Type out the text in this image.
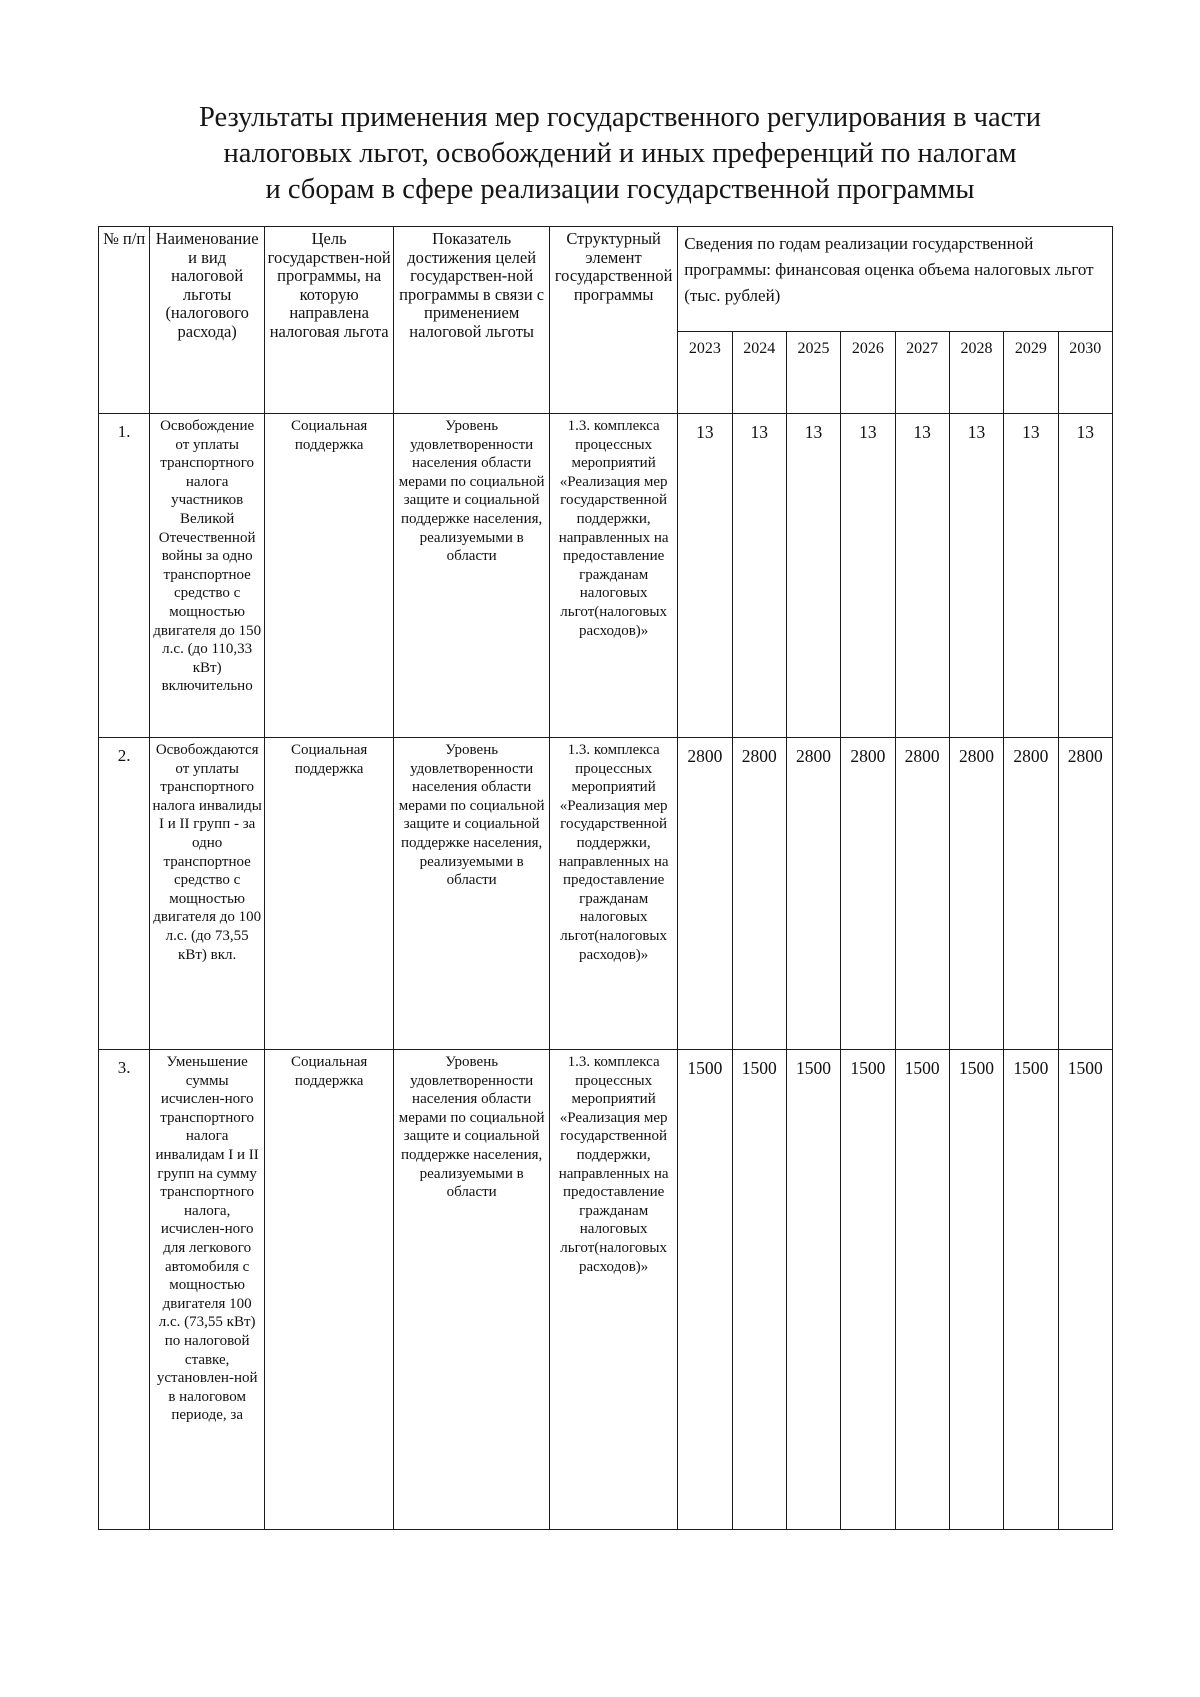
Результаты применения мер государственного регулирования в части
налоговых льгот, освобождений и иных преференций по налогам
и сборам в сфере реализации государственной программы
№ п/п	Наименование и вид налоговой льготы (налогового расхода)	Цель государствен-ной программы, на которую направлена налоговая льгота	Показатель достижения целей государствен-ной программы в связи с применением налоговой льготы	Структурный элемент государственной программы	Сведения по годам реализации государственной программы: финансовая оценка объема налоговых льгот (тыс. рублей)							
					2023	2024	2025	2026	2027	2028	2029	2030
1.	Освобождение от уплаты транспортного налога участников Великой Отечественной войны за одно транспортное средство с мощностью двигателя до 150 л.с. (до 110,33 кВт) включительно	Социальная поддержка	Уровень удовлетворенности населения области мерами по социальной защите и социальной поддержке населения, реализуемыми в области	1.3. комплекса процессных мероприятий «Реализация мер государственной поддержки, направленных на предоставление гражданам налоговых льгот(налоговых расходов)»	13	13	13	13	13	13	13	13
2.	Освобождаются от уплаты транспортного налога инвалиды I и II групп - за одно транспортное средство с мощностью двигателя до 100 л.с. (до 73,55 кВт) вкл.	Социальная поддержка	Уровень удовлетворенности населения области мерами по социальной защите и социальной поддержке населения, реализуемыми в области	1.3. комплекса процессных мероприятий «Реализация мер государственной поддержки, направленных на предоставление гражданам налоговых льгот(налоговых расходов)»	2800	2800	2800	2800	2800	2800	2800	2800
3.	Уменьшение суммы исчислен-ного транспортного налога инвалидам I и II групп на сумму транспортного налога, исчислен-ного для легкового автомобиля с мощностью двигателя 100 л.с. (73,55 кВт) по налоговой ставке, установлен-ной в налоговом периоде, за	Социальная поддержка	Уровень удовлетворенности населения области мерами по социальной защите и социальной поддержке населения, реализуемыми в области	1.3. комплекса процессных мероприятий «Реализация мер государственной поддержки, направленных на предоставление гражданам налоговых льгот(налоговых расходов)»	1500	1500	1500	1500	1500	1500	1500	1500
